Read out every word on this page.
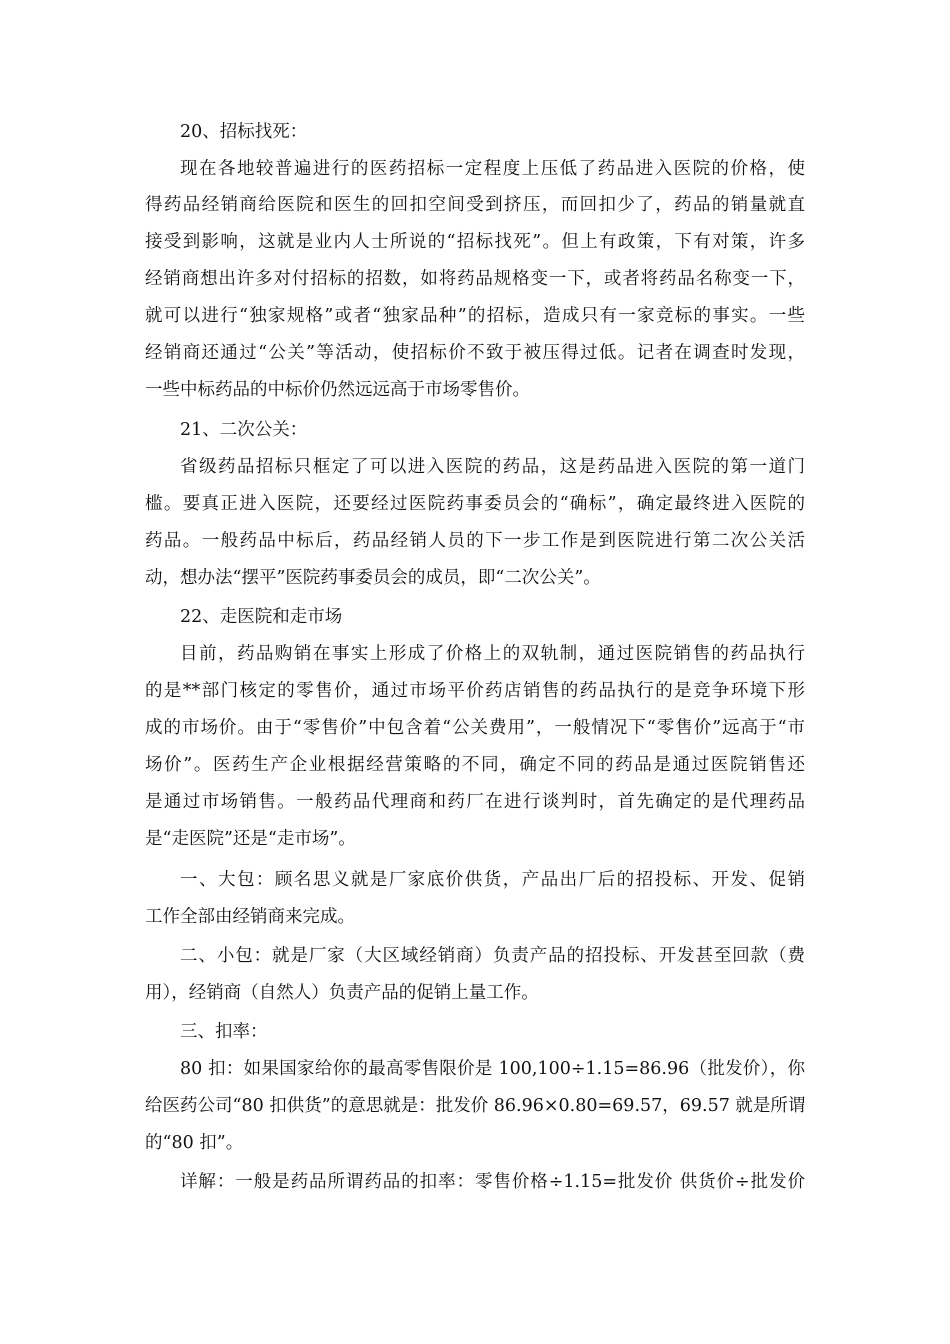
20、招标找死：
现在各地较普遍进行的医药招标一定程度上压低了药品进入医院的价格，使
得药品经销商给医院和医生的回扣空间受到挤压，而回扣少了，药品的销量就直
接受到影响，这就是业内人士所说的“招标找死”。但上有政策，下有对策，许多
经销商想出许多对付招标的招数，如将药品规格变一下，或者将药品名称变一下，
就可以进行“独家规格”或者“独家品种”的招标，造成只有一家竞标的事实。一些
经销商还通过“公关”等活动，使招标价不致于被压得过低。记者在调查时发现，
一些中标药品的中标价仍然远远高于市场零售价。
21、二次公关：
省级药品招标只框定了可以进入医院的药品，这是药品进入医院的第一道门
槛。要真正进入医院，还要经过医院药事委员会的“确标”，确定最终进入医院的
药品。一般药品中标后，药品经销人员的下一步工作是到医院进行第二次公关活
动，想办法“摆平”医院药事委员会的成员，即“二次公关”。
22、走医院和走市场
目前，药品购销在事实上形成了价格上的双轨制，通过医院销售的药品执行
的是**部门核定的零售价，通过市场平价药店销售的药品执行的是竞争环境下形
成的市场价。由于“零售价”中包含着“公关费用”，一般情况下“零售价”远高于“市
场价”。医药生产企业根据经营策略的不同，确定不同的药品是通过医院销售还
是通过市场销售。一般药品代理商和药厂在进行谈判时，首先确定的是代理药品
是“走医院”还是“走市场”。
一、大包：顾名思义就是厂家底价供货，产品出厂后的招投标、开发、促销
工作全部由经销商来完成。
二、小包：就是厂家（大区域经销商）负责产品的招投标、开发甚至回款（费
用），经销商（自然人）负责产品的促销上量工作。
三、扣率：
80 扣：如果国家给你的最高零售限价是 100,100÷1.15=86.96（批发价），你
给医药公司“80 扣供货”的意思就是：批发价 86.96×0.80=69.57，69.57 就是所谓
的“80 扣”。
详解：一般是药品所谓药品的扣率：零售价格÷1.15=批发价 供货价÷批发价
